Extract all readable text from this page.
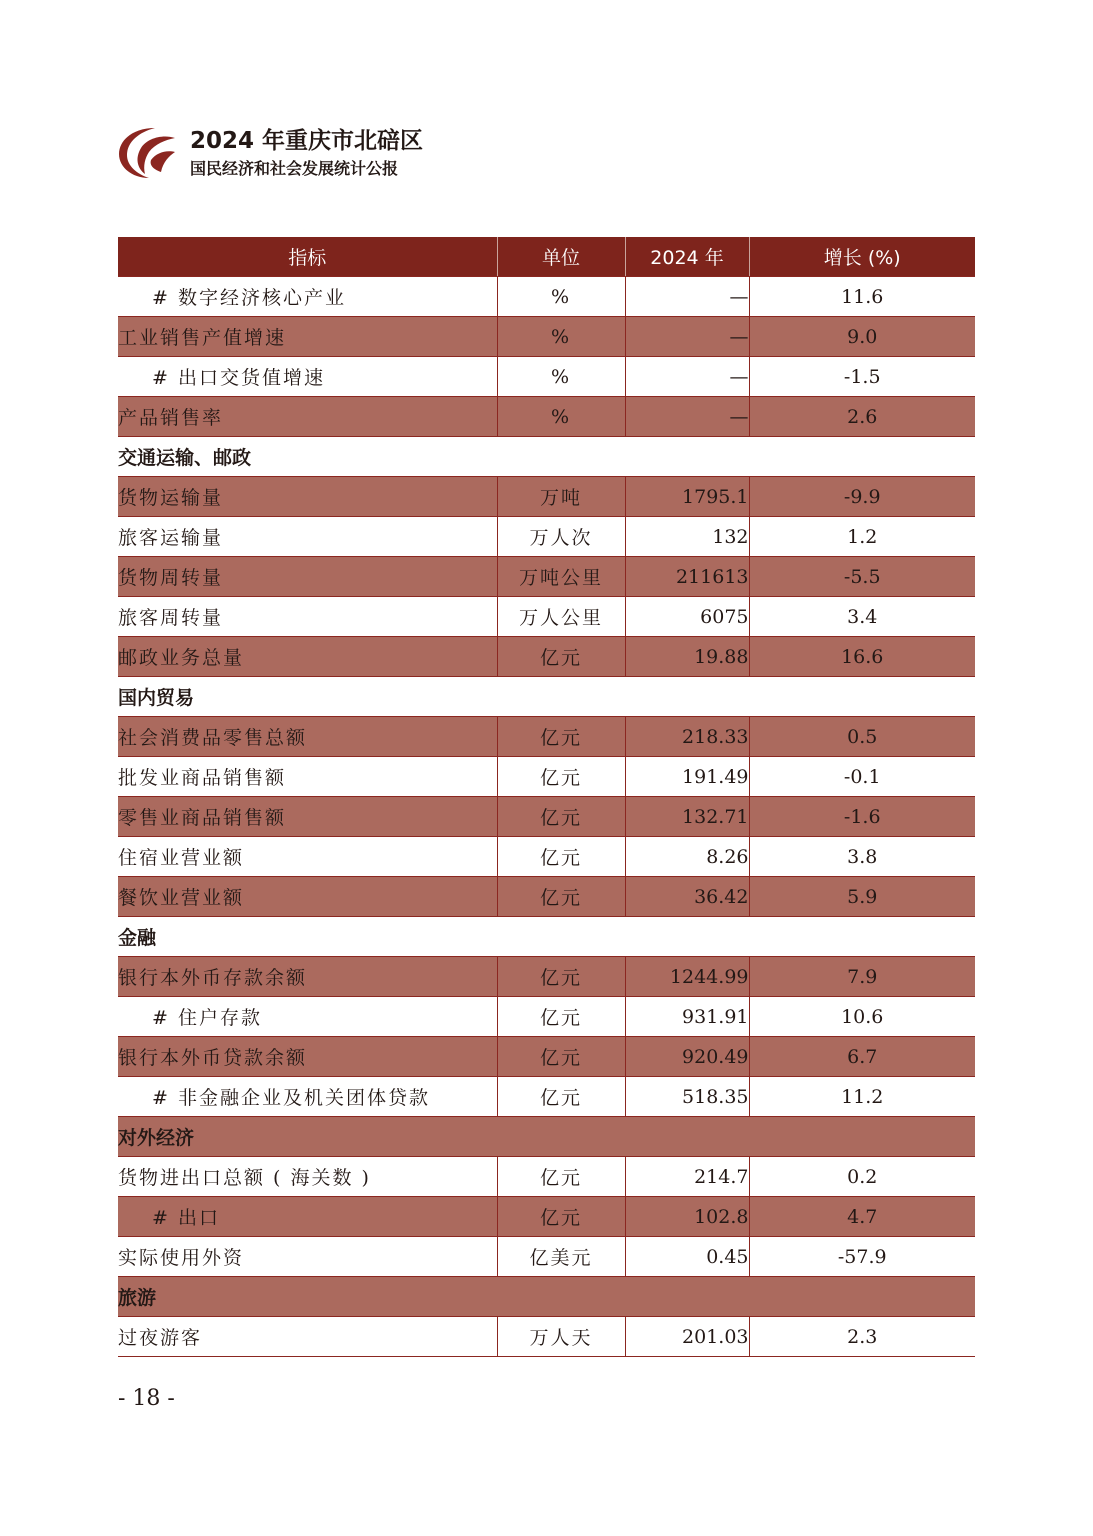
2024 年重庆市北碚区
国民经济和社会发展统计公报
指标	单位	2024 年	增长 (%)
# 数字经济核心产业	%	—	11.6
工业销售产值增速	%	—	9.0
# 出口交货值增速	%	—	-1.5
产品销售率	%	—	2.6
交通运输、邮政			
货物运输量	万吨	1795.1	-9.9
旅客运输量	万人次	132	1.2
货物周转量	万吨公里	211613	-5.5
旅客周转量	万人公里	6075	3.4
邮政业务总量	亿元	19.88	16.6
国内贸易			
社会消费品零售总额	亿元	218.33	0.5
批发业商品销售额	亿元	191.49	-0.1
零售业商品销售额	亿元	132.71	-1.6
住宿业营业额	亿元	8.26	3.8
餐饮业营业额	亿元	36.42	5.9
金融			
银行本外币存款余额	亿元	1244.99	7.9
# 住户存款	亿元	931.91	10.6
银行本外币贷款余额	亿元	920.49	6.7
# 非金融企业及机关团体贷款	亿元	518.35	11.2
对外经济			
货物进出口总额 ( 海关数 )	亿元	214.7	0.2
# 出口	亿元	102.8	4.7
实际使用外资	亿美元	0.45	-57.9
旅游			
过夜游客	万人天	201.03	2.3
- 18 -
